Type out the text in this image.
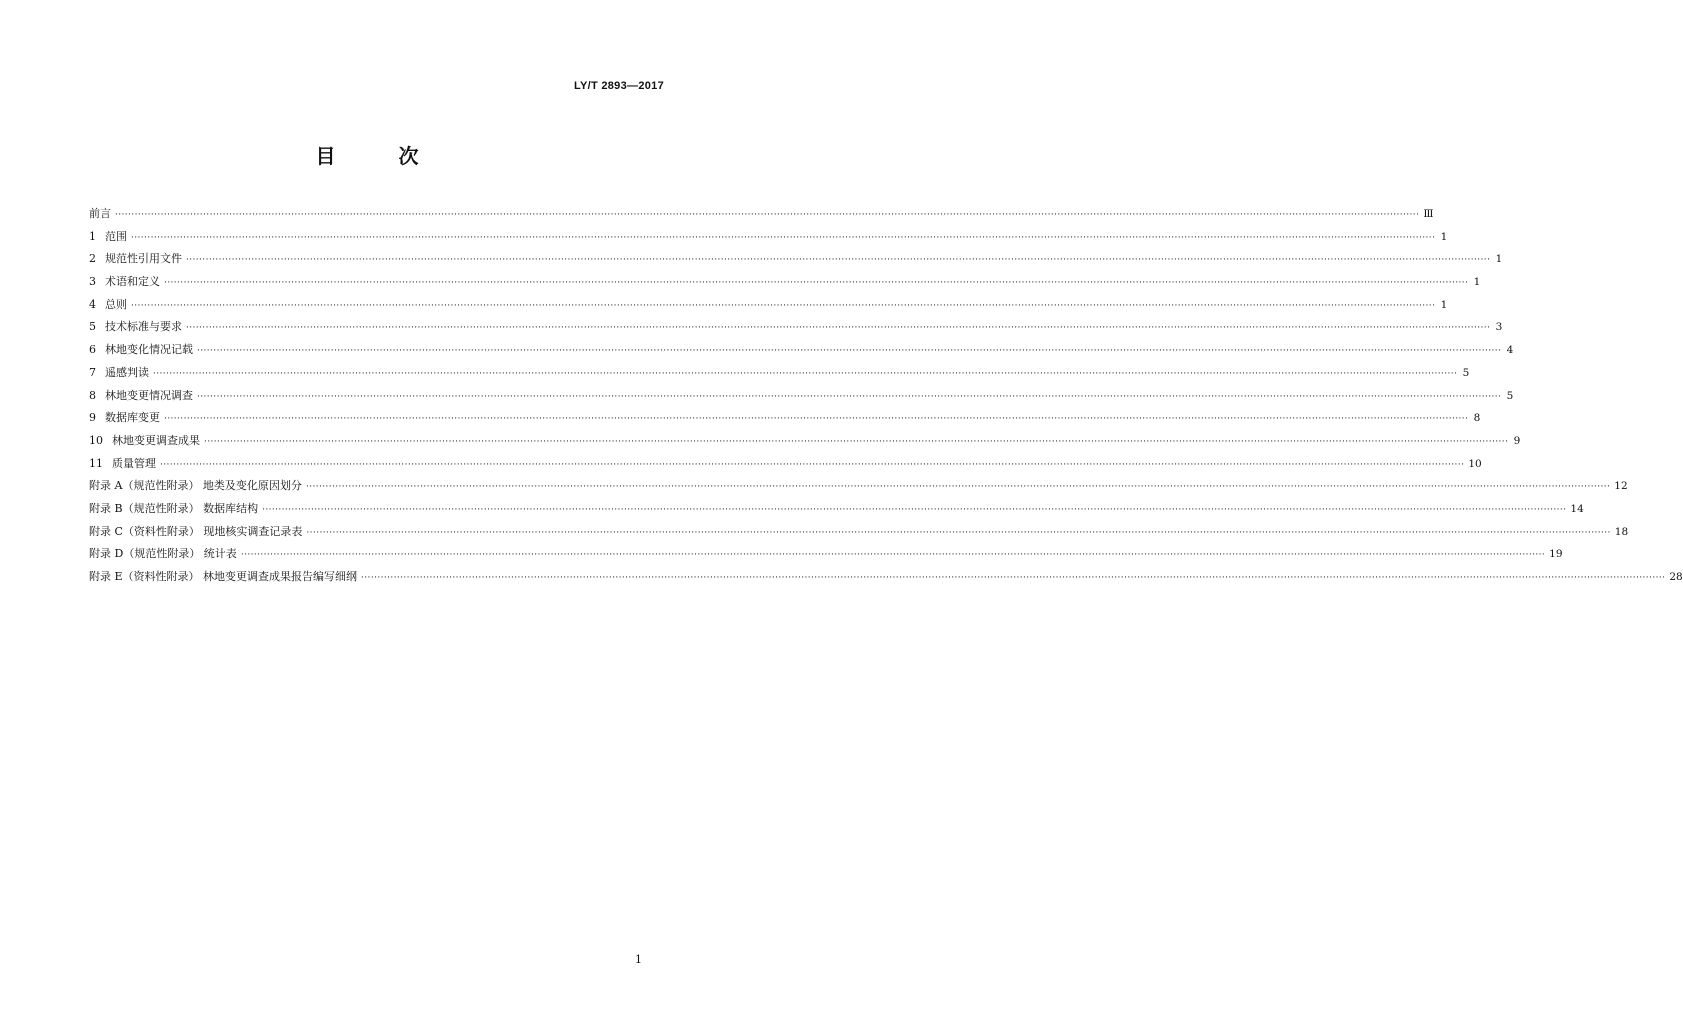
LY/T 2893—2017
目 次
前言 ················································································································································································································································································································································································································ Ⅲ
1 范围 ················································································································································································································································································································································································································ 1
2 规范性引用文件 ················································································································································································································································································································································································································ 1
3 术语和定义 ················································································································································································································································································································································································································ 1
4 总则 ················································································································································································································································································································································································································ 1
5 技术标准与要求 ················································································································································································································································································································································································································ 3
6 林地变化情况记载 ················································································································································································································································································································································································································ 4
7 遥感判读 ················································································································································································································································································································································································································ 5
8 林地变更情况调查 ················································································································································································································································································································································································································ 5
9 数据库变更 ················································································································································································································································································································································································································ 8
10 林地变更调查成果 ················································································································································································································································································································································································································ 9
11 质量管理 ················································································································································································································································································································································································································ 10
附录 A（规范性附录） 地类及变化原因划分 ················································································································································································································································································································································································································ 12
附录 B（规范性附录） 数据库结构 ················································································································································································································································································································································································································ 14
附录 C（资料性附录） 现地核实调查记录表 ················································································································································································································································································································································································································ 18
附录 D（规范性附录） 统计表 ················································································································································································································································································································································································································ 19
附录 E（资料性附录） 林地变更调查成果报告编写细纲 ················································································································································································································································································································································································································ 28
1
